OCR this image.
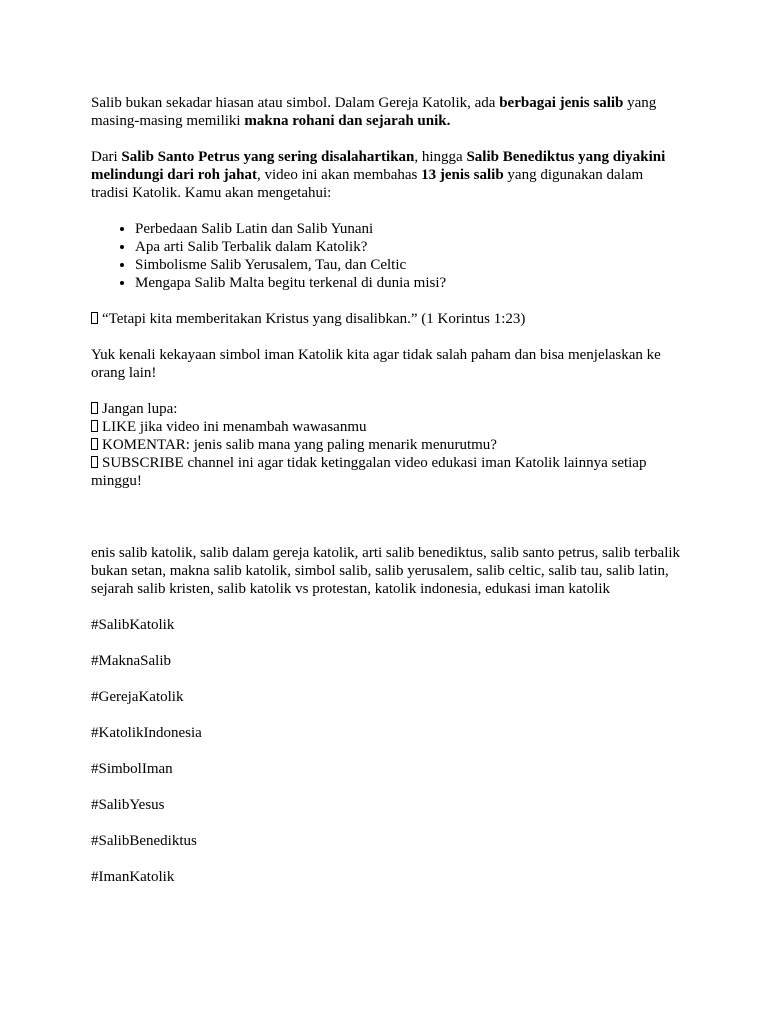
Salib bukan sekadar hiasan atau simbol. Dalam Gereja Katolik, ada berbagai jenis salib yang masing-masing memiliki makna rohani dan sejarah unik.

Dari Salib Santo Petrus yang sering disalahartikan, hingga Salib Benediktus yang diyakini melindungi dari roh jahat, video ini akan membahas 13 jenis salib yang digunakan dalam tradisi Katolik. Kamu akan mengetahui:

• Perbedaan Salib Latin dan Salib Yunani
• Apa arti Salib Terbalik dalam Katolik?
• Simbolisme Salib Yerusalem, Tau, dan Celtic
• Mengapa Salib Malta begitu terkenal di dunia misi?

“Tetapi kita memberitakan Kristus yang disalibkan.” (1 Korintus 1:23)

Yuk kenali kekayaan simbol iman Katolik kita agar tidak salah paham dan bisa menjelaskan ke orang lain!

Jangan lupa:

LIKE jika video ini menambah wawasanmu

KOMENTAR: jenis salib mana yang paling menarik menurutmu?

SUBSCRIBE channel ini agar tidak ketinggalan video edukasi iman Katolik lainnya setiap minggu!

enis salib katolik, salib dalam gereja katolik, arti salib benediktus, salib santo petrus, salib terbalik bukan setan, makna salib katolik, simbol salib, salib yerusalem, salib celtic, salib tau, salib latin, sejarah salib kristen, salib katolik vs protestan, katolik indonesia, edukasi iman katolik

#SalibKatolik

#MaknaSalib

#GerejaKatolik

#KatolikIndonesia

#SimbolIman

#SalibYesus

#SalibBenediktus

#ImanKatolik
